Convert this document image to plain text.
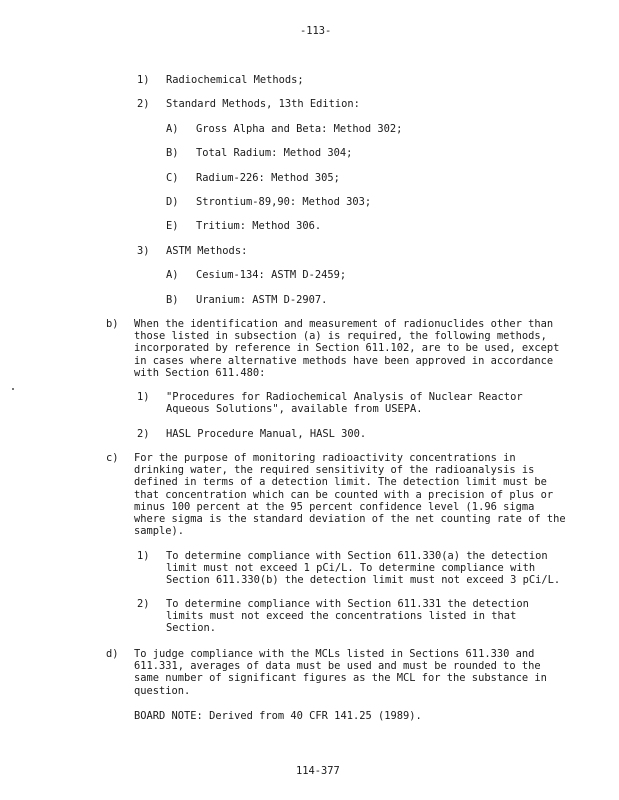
-113-
1) Radiochemical Methods;
2) Standard Methods, 13th Edition:
A) Gross Alpha and Beta: Method 302;
B) Total Radium: Method 304;
C) Radium-226: Method 305;
D) Strontium-89,90: Method 303;
E) Tritium: Method 306.
3) ASTM Methods:
A) Cesium-134: ASTM D-2459;
B) Uranium: ASTM D-2907.
b) When the identification and measurement of radionuclides other than
those listed in subsection (a) is required, the following methods,
incorporated by reference in Section 611.102, are to be used, except
in cases where alternative methods have been approved in accordance
with Section 611.480:
1) "Procedures for Radiochemical Analysis of Nuclear Reactor
Aqueous Solutions", available from USEPA.
2) HASL Procedure Manual, HASL 300.
c) For the purpose of monitoring radioactivity concentrations in
drinking water, the required sensitivity of the radioanalysis is
defined in terms of a detection limit. The detection limit must be
that concentration which can be counted with a precision of plus or
minus 100 percent at the 95 percent confidence level (1.96 sigma
where sigma is the standard deviation of the net counting rate of the
sample).
1) To determine compliance with Section 611.330(a) the detection
limit must not exceed 1 pCi/L. To determine compliance with
Section 611.330(b) the detection limit must not exceed 3 pCi/L.
2) To determine compliance with Section 611.331 the detection
limits must not exceed the concentrations listed in that
Section.
d) To judge compliance with the MCLs listed in Sections 611.330 and
611.331, averages of data must be used and must be rounded to the
same number of significant figures as the MCL for the substance in
question.
BOARD NOTE: Derived from 40 CFR 141.25 (1989).
114-377
